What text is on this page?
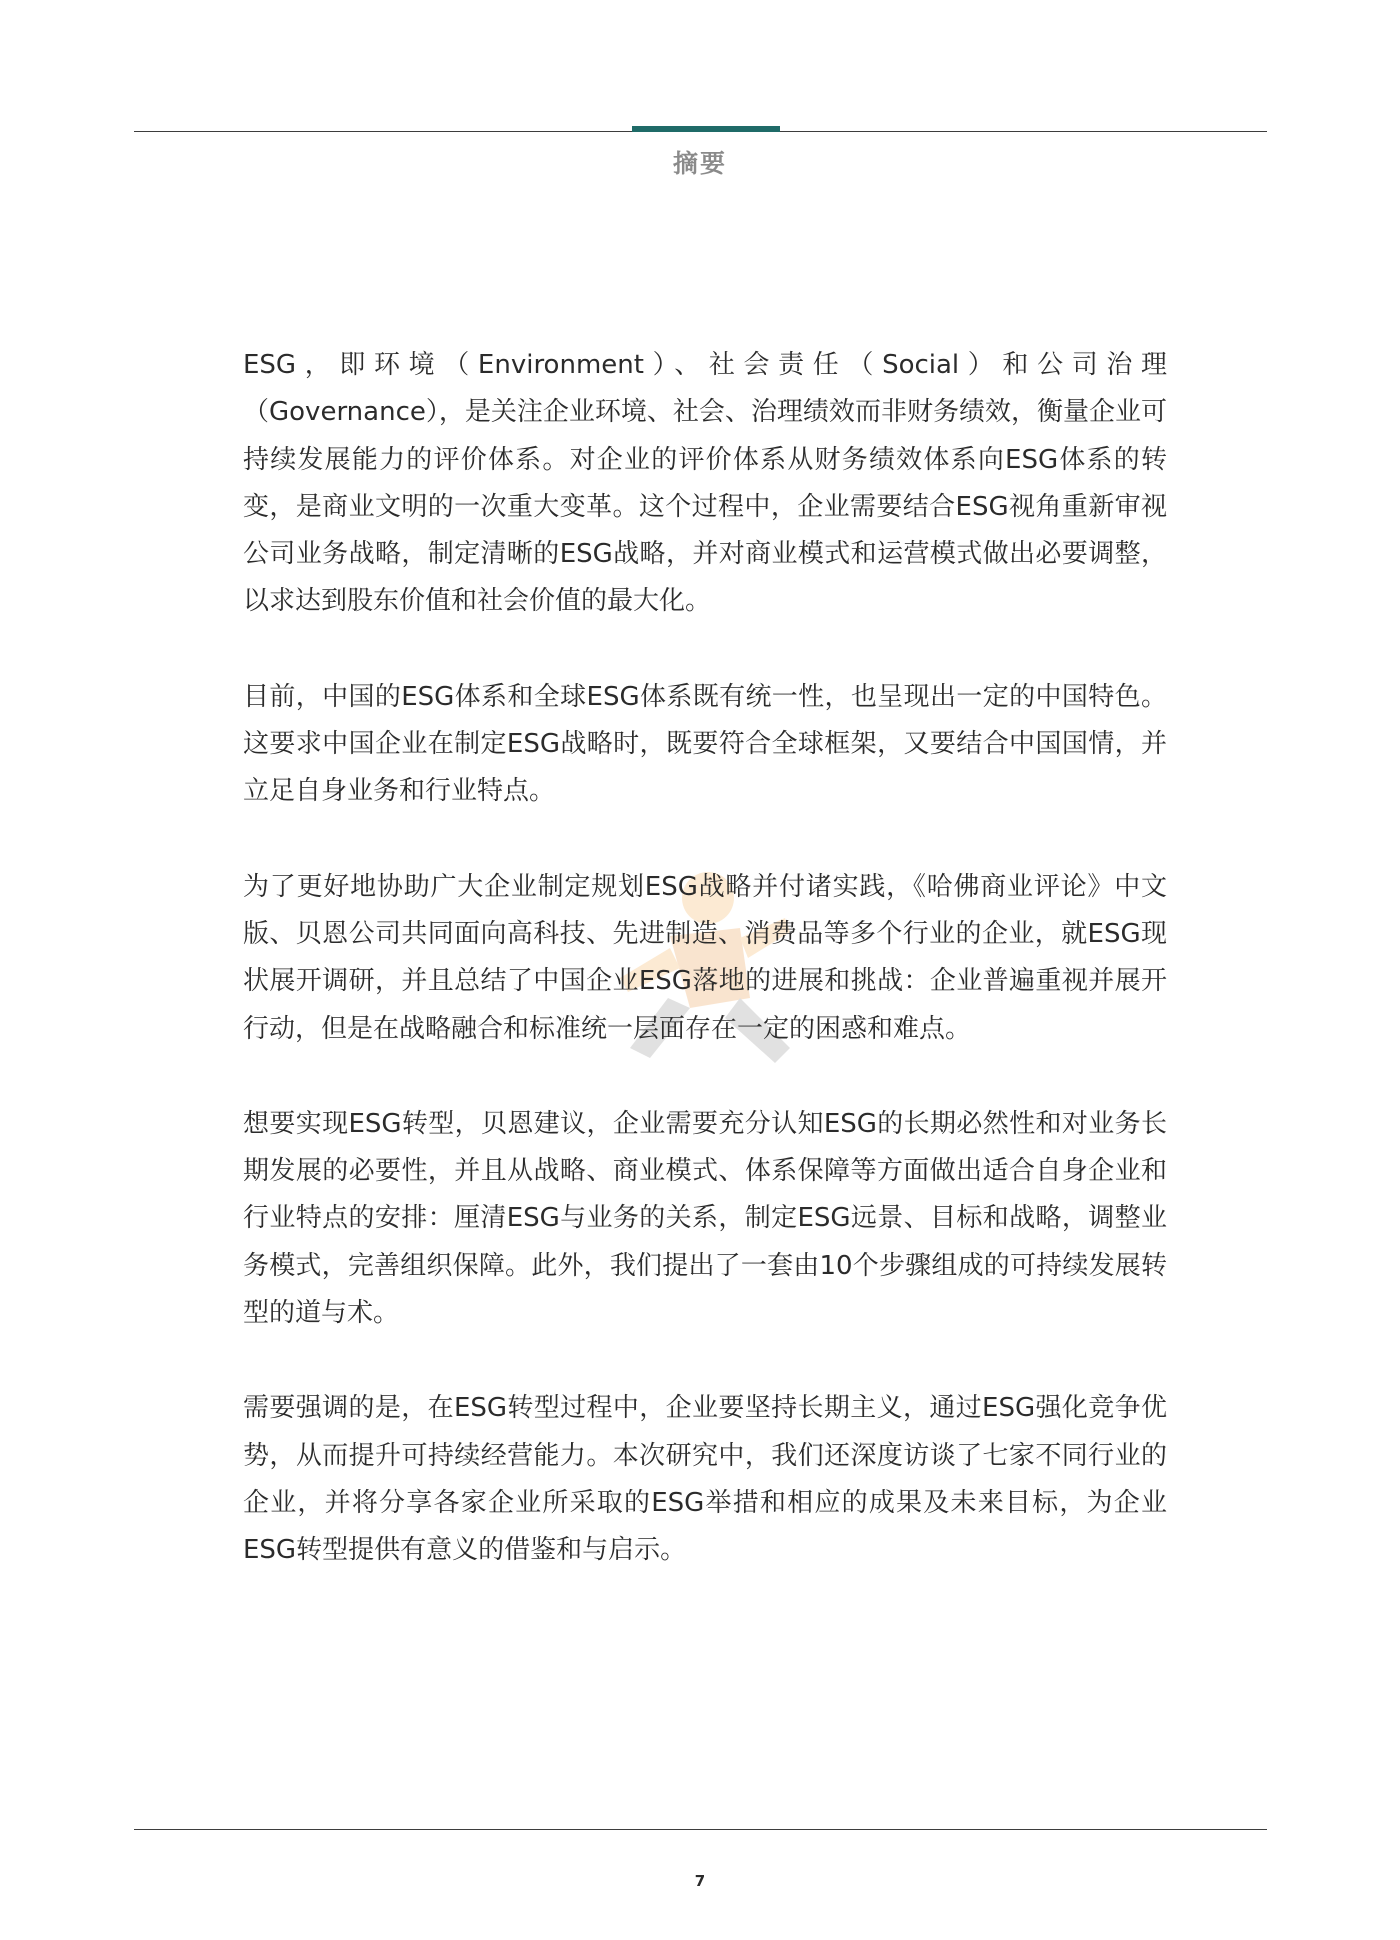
摘要

ESG，即环境（Environment）、社会责任（Social）和公司治理（Governance），是关注企业环境、社会、治理绩效而非财务绩效，衡量企业可持续发展能力的评价体系。对企业的评价体系从财务绩效体系向ESG体系的转变，是商业文明的一次重大变革。这个过程中，企业需要结合ESG视角重新审视公司业务战略，制定清晰的ESG战略，并对商业模式和运营模式做出必要调整，以求达到股东价值和社会价值的最大化。

目前，中国的ESG体系和全球ESG体系既有统一性，也呈现出一定的中国特色。这要求中国企业在制定ESG战略时，既要符合全球框架，又要结合中国国情，并立足自身业务和行业特点。

为了更好地协助广大企业制定规划ESG战略并付诸实践，《哈佛商业评论》中文版、贝恩公司共同面向高科技、先进制造、消费品等多个行业的企业，就ESG现状展开调研，并且总结了中国企业ESG落地的进展和挑战：企业普遍重视并展开行动，但是在战略融合和标准统一层面存在一定的困惑和难点。

想要实现ESG转型，贝恩建议，企业需要充分认知ESG的长期必然性和对业务长期发展的必要性，并且从战略、商业模式、体系保障等方面做出适合自身企业和行业特点的安排：厘清ESG与业务的关系，制定ESG远景、目标和战略，调整业务模式，完善组织保障。此外，我们提出了一套由10个步骤组成的可持续发展转型的道与术。

需要强调的是，在ESG转型过程中，企业要坚持长期主义，通过ESG强化竞争优势，从而提升可持续经营能力。本次研究中，我们还深度访谈了七家不同行业的企业，并将分享各家企业所采取的ESG举措和相应的成果及未来目标，为企业ESG转型提供有意义的借鉴和与启示。

7
